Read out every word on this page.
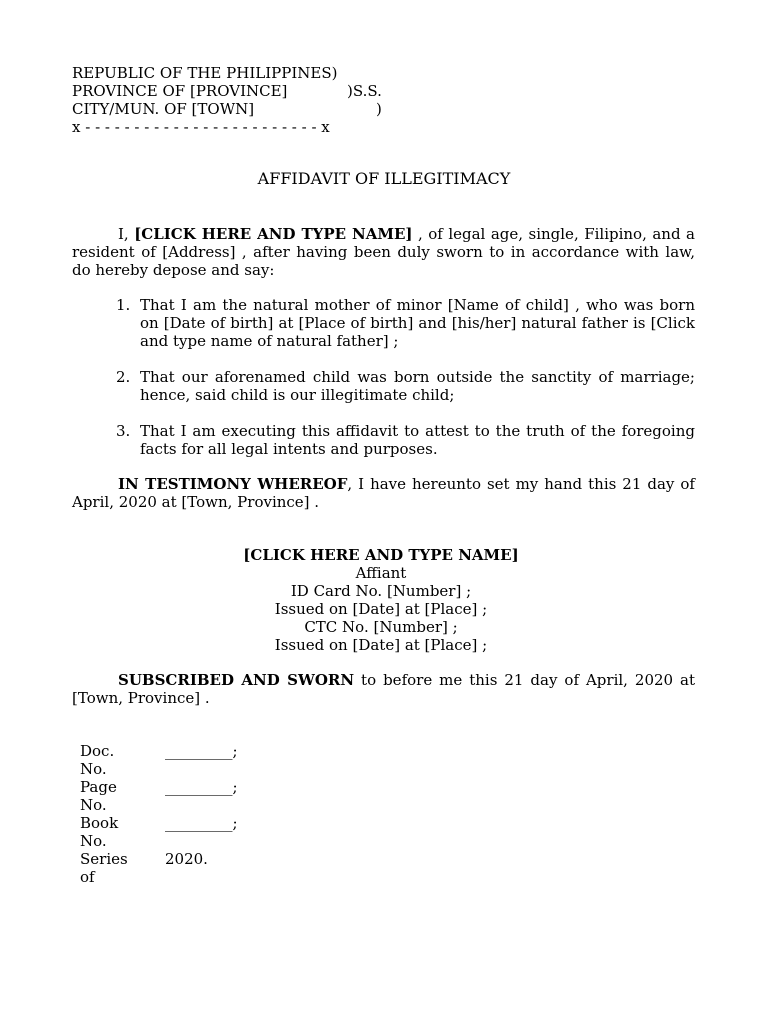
REPUBLIC OF THE PHILIPPINES)
PROVINCE OF [PROVINCE]	)S.S.
CITY/MUN. OF [TOWN]	)
x - - - - - - - - - - - - - - - - - - - - - - - - x
AFFIDAVIT OF ILLEGITIMACY
I, [CLICK HERE AND TYPE NAME] , of legal age, single, Filipino, and a resident of [Address] , after having been duly sworn to in accordance with law, do hereby depose and say:
1. That I am the natural mother of minor [Name of child] , who was born on [Date of birth] at [Place of birth] and [his/her] natural father is [Click and type name of natural father] ;
2. That our aforenamed child was born outside the sanctity of marriage; hence, said child is our illegitimate child;
3. That I am executing this affidavit to attest to the truth of the foregoing facts for all legal intents and purposes.
IN TESTIMONY WHEREOF, I have hereunto set my hand this 21 day of April, 2020 at [Town, Province] .
[CLICK HERE AND TYPE NAME]
Affiant
ID Card No. [Number] ;
Issued on [Date] at [Place] ;
CTC No. [Number] ;
Issued on [Date] at [Place] ;
SUBSCRIBED AND SWORN to before me this 21 day of April, 2020 at [Town, Province] .
Doc. No.
_________;
Page No.
_________;
Book No.
_________;
Series of
2020.
